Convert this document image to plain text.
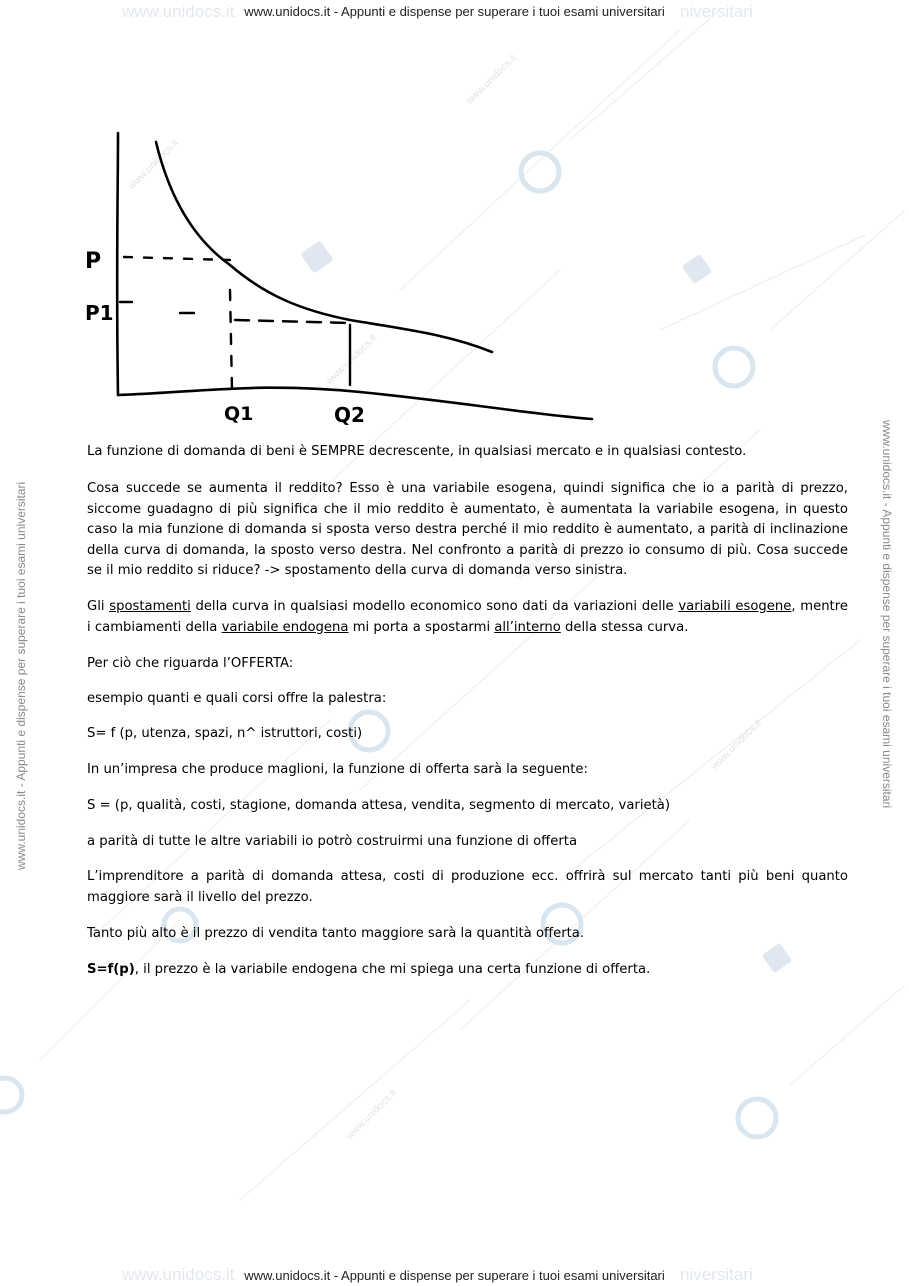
www.unidocs.it
www.unidocs.it
www.unidocs.it
www.unidocs.it
www.unidocs.it
www.unidocs.it
www.unidocs.it	niversitari
www.unidocs.it	niversitari
www.unidocs.it - Appunti e dispense per superare i tuoi esami universitari
www.unidocs.it - Appunti e dispense per superare i tuoi esami universitari
www.unidocs.it - Appunti e dispense per superare i tuoi esami universitari	www.unidocs.it - Appunti e dispense per superare i tuoi esami universitari
P
P1
Q1	Q2

La funzione di domanda di beni è SEMPRE decrescente, in qualsiasi mercato e in qualsiasi contesto.

Cosa succede se aumenta il reddito? Esso è una variabile esogena, quindi significa che io a parità di prezzo, siccome guadagno di più significa che il mio reddito è aumentato, è aumentata la variabile esogena, in questo caso la mia funzione di domanda si sposta verso destra perché il mio reddito è aumentato, a parità di inclinazione della curva di domanda, la sposto verso destra. Nel confronto a parità di prezzo io consumo di più. Cosa succede se il mio reddito si riduce? -> spostamento della curva di domanda verso sinistra.

Gli spostamenti della curva in qualsiasi modello economico sono dati da variazioni delle variabili esogene, mentre i cambiamenti della variabile endogena mi porta a spostarmi all’interno della stessa curva.

Per ciò che riguarda l’OFFERTA:

esempio quanti e quali corsi offre la palestra:

S= f (p, utenza, spazi, n^ istruttori, costi)

In un’impresa che produce maglioni, la funzione di offerta sarà la seguente:

S = (p, qualità, costi, stagione, domanda attesa, vendita, segmento di mercato, varietà)

a parità di tutte le altre variabili io potrò costruirmi una funzione di offerta

L’imprenditore a parità di domanda attesa, costi di produzione ecc. offrirà sul mercato tanti più beni quanto maggiore sarà il livello del prezzo.

Tanto più alto è il prezzo di vendita tanto maggiore sarà la quantità offerta.

S=f(p), il prezzo è la variabile endogena che mi spiega una certa funzione di offerta.
